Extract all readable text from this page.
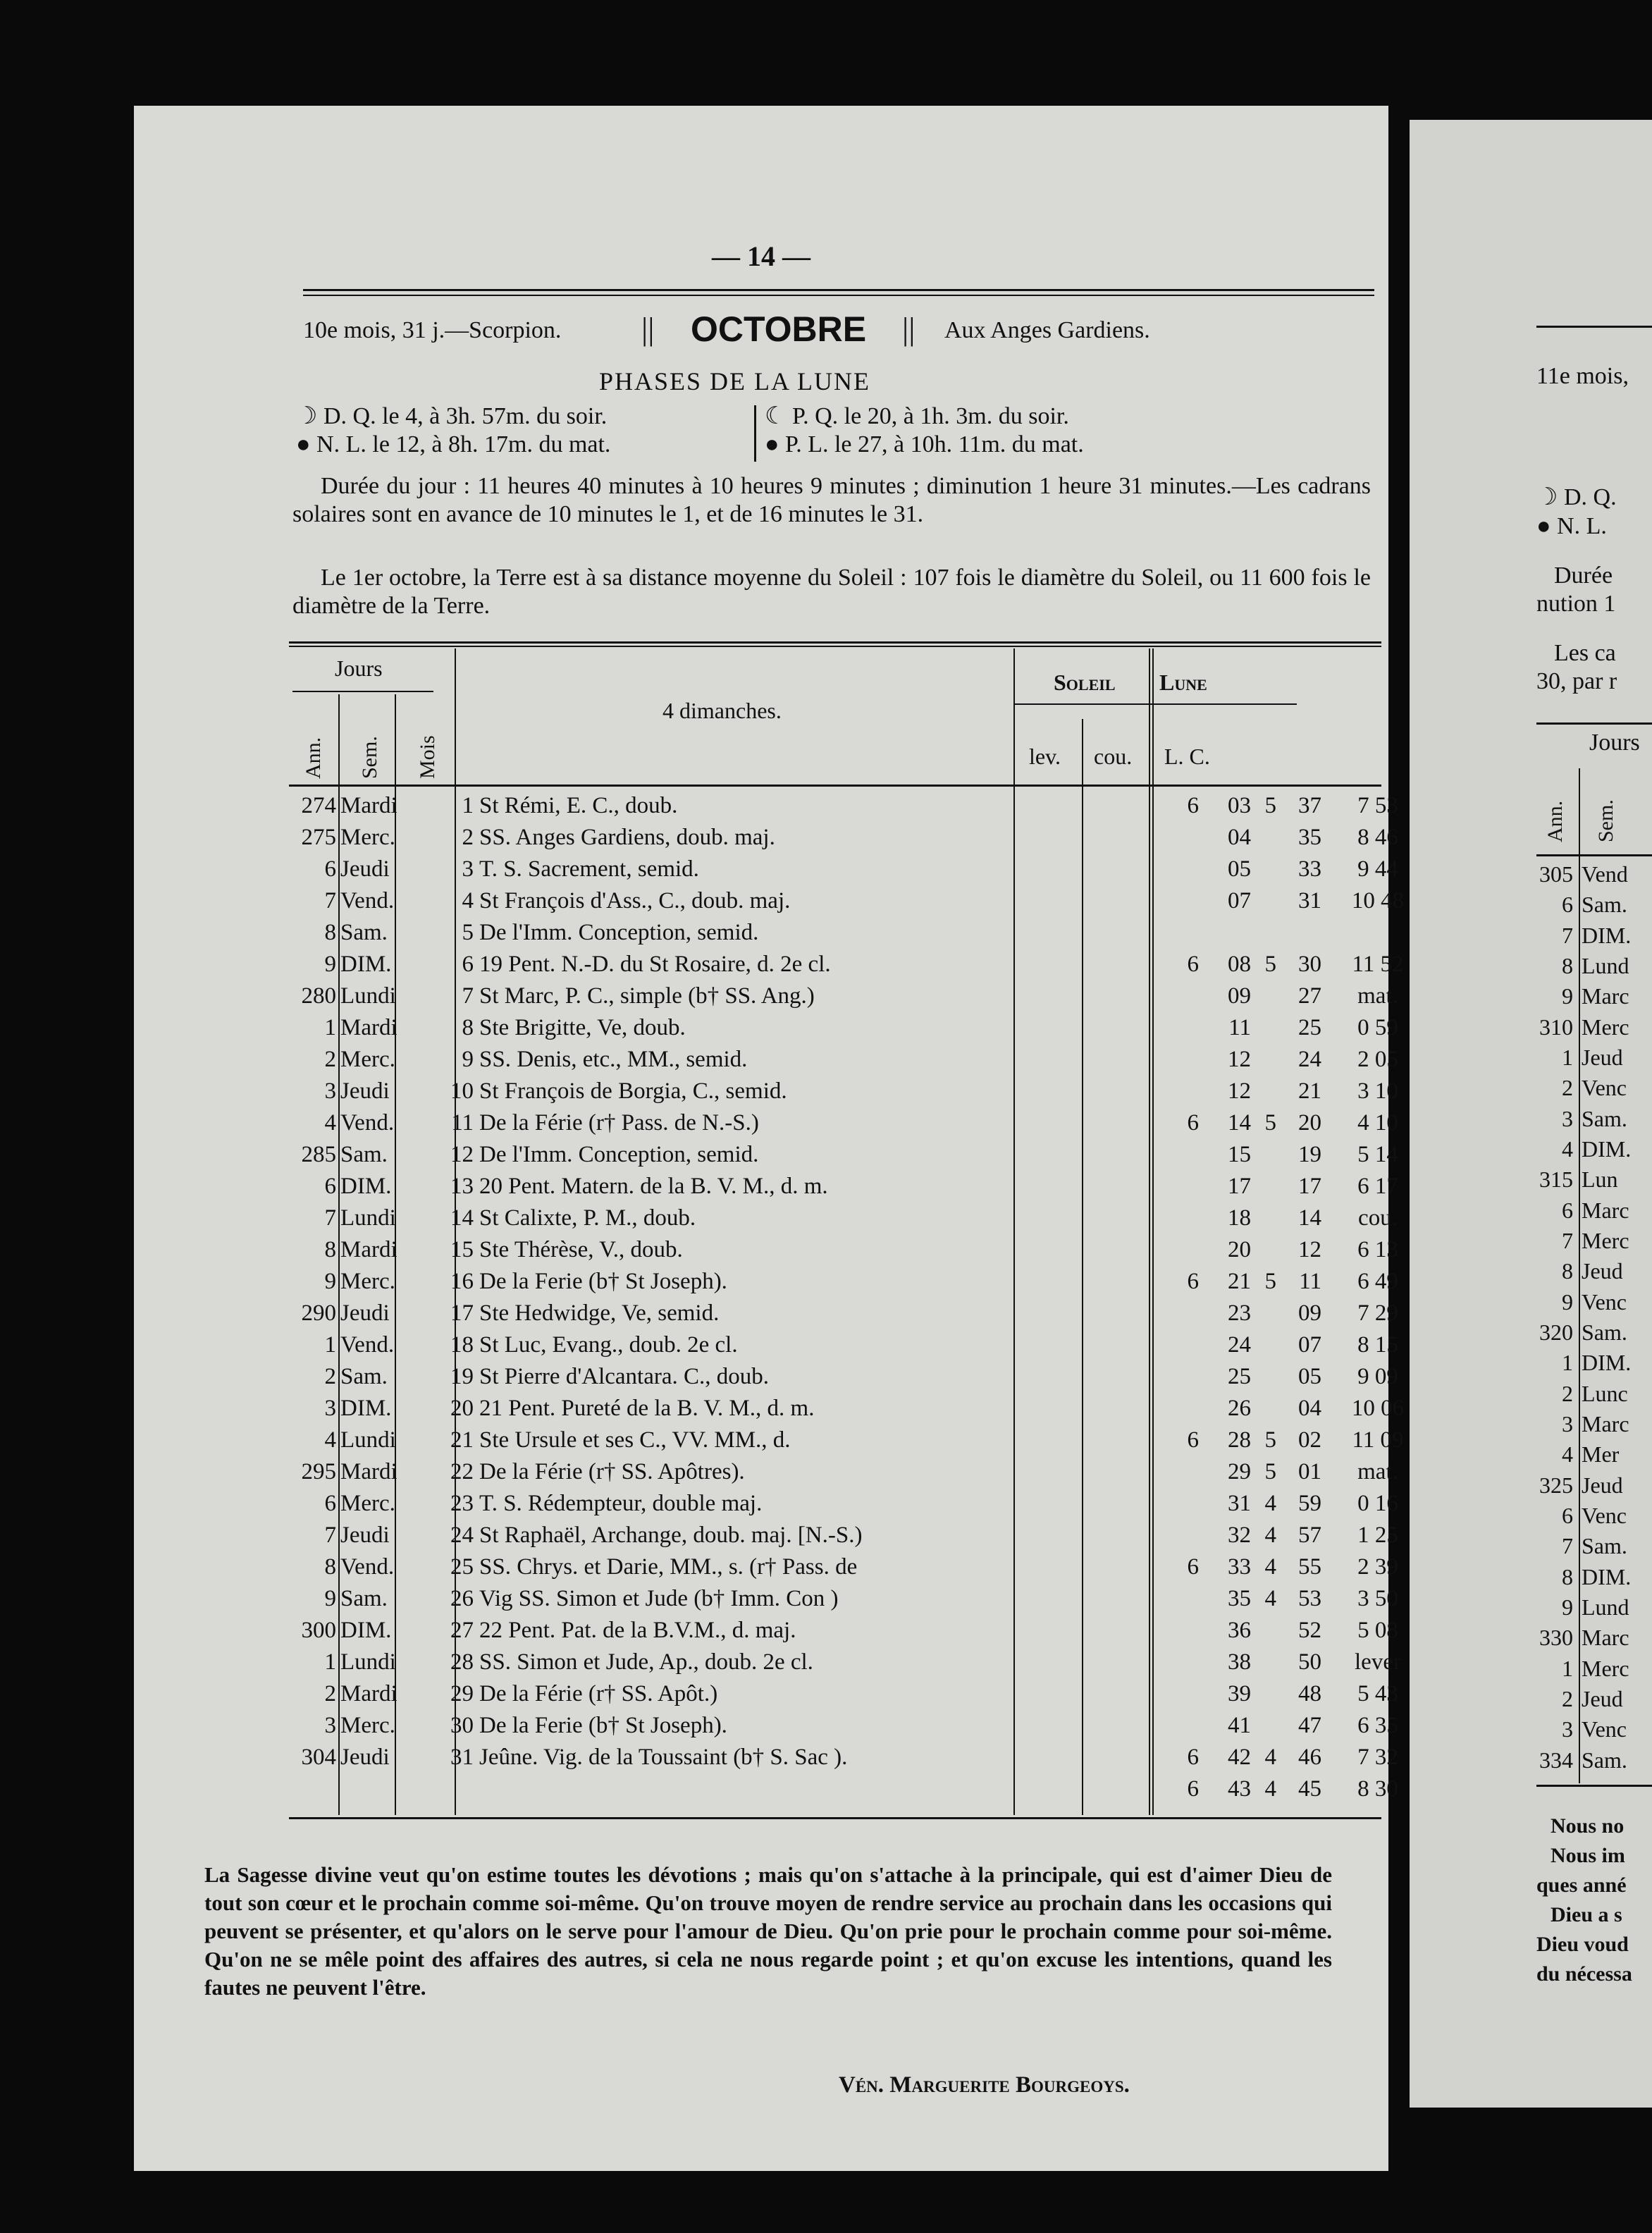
— 14 —
10e mois, 31 j.—Scorpion. || OCTOBRE || Aux Anges Gardiens.
PHASES DE LA LUNE
☽ D. Q. le 4, à 3h. 57m. du soir.
● N. L. le 12, à 8h. 17m. du mat.
☾ P. Q. le 20, à 1h. 3m. du soir.
● P. L. le 27, à 10h. 11m. du mat.
Durée du jour : 11 heures 40 minutes à 10 heures 9 minutes ; diminution 1 heure 31 minutes.—Les cadrans solaires sont en avance de 10 minutes le 1, et de 16 minutes le 31.
Le 1er octobre, la Terre est à sa distance moyenne du Soleil : 107 fois le diamètre du Soleil, ou 11 600 fois le diamètre de la Terre.
Jours
Ann. Sem. Mois
4 dimanches.
Soleil Lune
lev. cou. L. C.
274 Mardi	1 St Rémi, E. C., doub.	6	03 5 37	7 53
275 Merc.	2 SS. Anges Gardiens, doub. maj.	04	35	8 46
6 Jeudi	3 T. S. Sacrement, semid.	05	33	9 44
7 Vend.	4 St François d'Ass., C., doub. maj.	07	31	10 48
8 Sam.	5 De l'Imm. Conception, semid.
9 DIM.	6 19 Pent. N.-D. du St Rosaire, d. 2e cl.	6	08 5 30	11 52
280 Lundi	7 St Marc, P. C., simple (b† SS. Ang.)	09	27	mat.
1 Mardi	8 Ste Brigitte, Ve, doub.	11	25	0 59
2 Merc.	9 SS. Denis, etc., MM., semid.	12	24	2 05
3 Jeudi	10 St François de Borgia, C., semid.	12	21	3 10
4 Vend.	11 De la Férie (r† Pass. de N.-S.)	6	14 5 20	4 10
285 Sam.	12 De l'Imm. Conception, semid.	15	19	5 14
6 DIM.	13 20 Pent. Matern. de la B. V. M., d. m.	17	17	6 17
7 Lundi 14 St Calixte, P. M., doub.	18	14	cou.
8 Mardi 15 Ste Thérèse, V., doub.	20	12	6 13
9 Merc. 16 De la Ferie (b† St Joseph).	6	21 5 11	6 49
290 Jeudi	17 Ste Hedwidge, Ve, semid.	23	09	7 29
1 Vend. 18 St Luc, Evang., doub. 2e cl.	24	07	8 15
2 Sam.	19 St Pierre d'Alcantara. C., doub.	25	05	9 09
3 DIM.	20 21 Pent. Pureté de la B. V. M., d. m.	26	04	10 06
4 Lundi 21 Ste Ursule et ses C., VV. MM., d.	6	28 5 02	11 09
295 Mardi 22 De la Férie (r† SS. Apôtres).	29 5 01	mat.
6 Merc. 23 T. S. Rédempteur, double maj.	31 4 59	0 16
7 Jeudi	24 St Raphaël, Archange, doub. maj. [N.-S.)	32 4 57	1 25
8 Vend. 25 SS. Chrys. et Darie, MM., s. (r† Pass. de	6	33 4 55	2 39
9 Sam.	26 Vig SS. Simon et Jude (b† Imm. Con )	35 4 53	3 50
300 DIM.	27 22 Pent. Pat. de la B.V.M., d. maj.	36	52	5 08
1 Lundi 28 SS. Simon et Jude, Ap., doub. 2e cl.	38	50	lever
2 Mardi 29 De la Férie (r† SS. Apôt.)	39	48	5 43
3 Merc. 30 De la Ferie (b† St Joseph).	41	47	6 35
304 Jeudi	31 Jeûne. Vig. de la Toussaint (b† S. Sac ).	6	42 4 46	7 32
6	43 4 45	8 30
La Sagesse divine veut qu'on estime toutes les dévotions ; mais qu'on s'attache à la principale, qui est d'aimer Dieu de tout son cœur et le prochain comme soi-même. Qu'on trouve moyen de rendre service au prochain dans les occasions qui peuvent se présenter, et qu'alors on le serve pour l'amour de Dieu. Qu'on prie pour le prochain comme pour soi-même. Qu'on ne se mêle point des affaires des autres, si cela ne nous regarde point ; et qu'on excuse les intentions, quand les fautes ne peuvent l'être.
Vén. Marguerite Bourgeoys.
11e mois,
☽ D. Q.
● N. L.
Durée
nution 1
Les ca
30, par r
Jours
Ann. Sem.
305 Vend
6 Sam.
7 DIM.
8 Lund
9 Marc
310 Merc
1 Jeud
2 Venc
3 Sam.
4 DIM.
315 Lun
6 Marc
7 Merc
8 Jeud
9 Venc
320 Sam.
1 DIM.
2 Lunc
3 Marc
4 Mer
325 Jeud
6 Venc
7 Sam.
8 DIM.
9 Lund
330 Marc
1 Merc
2 Jeud
3 Venc
334 Sam.
Nous no
Nous im
ques anné
Dieu a s
Dieu voud
du nécessa
